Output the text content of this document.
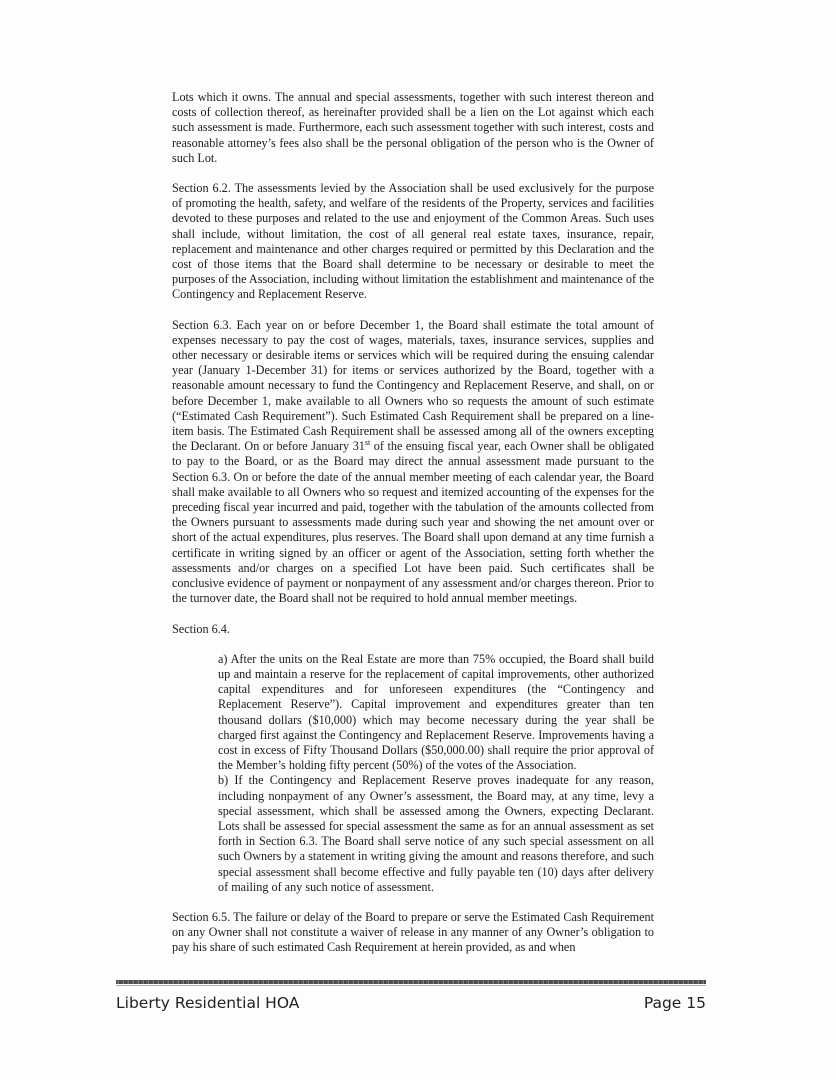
Lots which it owns. The annual and special assessments, together with such interest thereon and costs of collection thereof, as hereinafter provided shall be a lien on the Lot against which each such assessment is made. Furthermore, each such assessment together with such interest, costs and reasonable attorney’s fees also shall be the personal obligation of the person who is the Owner of such Lot.

Section 6.2. The assessments levied by the Association shall be used exclusively for the purpose of promoting the health, safety, and welfare of the residents of the Property, services and facilities devoted to these purposes and related to the use and enjoyment of the Common Areas. Such uses shall include, without limitation, the cost of all general real estate taxes, insurance, repair, replacement and maintenance and other charges required or permitted by this Declaration and the cost of those items that the Board shall determine to be necessary or desirable to meet the purposes of the Association, including without limitation the establishment and maintenance of the Contingency and Replacement Reserve.

Section 6.3. Each year on or before December 1, the Board shall estimate the total amount of expenses necessary to pay the cost of wages, materials, taxes, insurance services, supplies and other necessary or desirable items or services which will be required during the ensuing calendar year (January 1-December 31) for items or services authorized by the Board, together with a reasonable amount necessary to fund the Contingency and Replacement Reserve, and shall, on or before December 1, make available to all Owners who so requests the amount of such estimate (“Estimated Cash Requirement”). Such Estimated Cash Requirement shall be prepared on a line-item basis. The Estimated Cash Requirement shall be assessed among all of the owners excepting the Declarant. On or before January 31st of the ensuing fiscal year, each Owner shall be obligated to pay to the Board, or as the Board may direct the annual assessment made pursuant to the Section 6.3. On or before the date of the annual member meeting of each calendar year, the Board shall make available to all Owners who so request and itemized accounting of the expenses for the preceding fiscal year incurred and paid, together with the tabulation of the amounts collected from the Owners pursuant to assessments made during such year and showing the net amount over or short of the actual expenditures, plus reserves. The Board shall upon demand at any time furnish a certificate in writing signed by an officer or agent of the Association, setting forth whether the assessments and/or charges on a specified Lot have been paid. Such certificates shall be conclusive evidence of payment or nonpayment of any assessment and/or charges thereon. Prior to the turnover date, the Board shall not be required to hold annual member meetings.

Section 6.4.

a) After the units on the Real Estate are more than 75% occupied, the Board shall build up and maintain a reserve for the replacement of capital improvements, other authorized capital expenditures and for unforeseen expenditures (the “Contingency and Replacement Reserve”). Capital improvement and expenditures greater than ten thousand dollars ($10,000) which may become necessary during the year shall be charged first against the Contingency and Replacement Reserve. Improvements having a cost in excess of Fifty Thousand Dollars ($50,000.00) shall require the prior approval of the Member’s holding fifty percent (50%) of the votes of the Association.

b) If the Contingency and Replacement Reserve proves inadequate for any reason, including nonpayment of any Owner’s assessment, the Board may, at any time, levy a special assessment, which shall be assessed among the Owners, expecting Declarant. Lots shall be assessed for special assessment the same as for an annual assessment as set forth in Section 6.3. The Board shall serve notice of any such special assessment on all such Owners by a statement in writing giving the amount and reasons therefore, and such special assessment shall become effective and fully payable ten (10) days after delivery of mailing of any such notice of assessment.

Section 6.5. The failure or delay of the Board to prepare or serve the Estimated Cash Requirement on any Owner shall not constitute a waiver of release in any manner of any Owner’s obligation to pay his share of such estimated Cash Requirement at herein provided, as and when

Liberty Residential HOA	Page 15
